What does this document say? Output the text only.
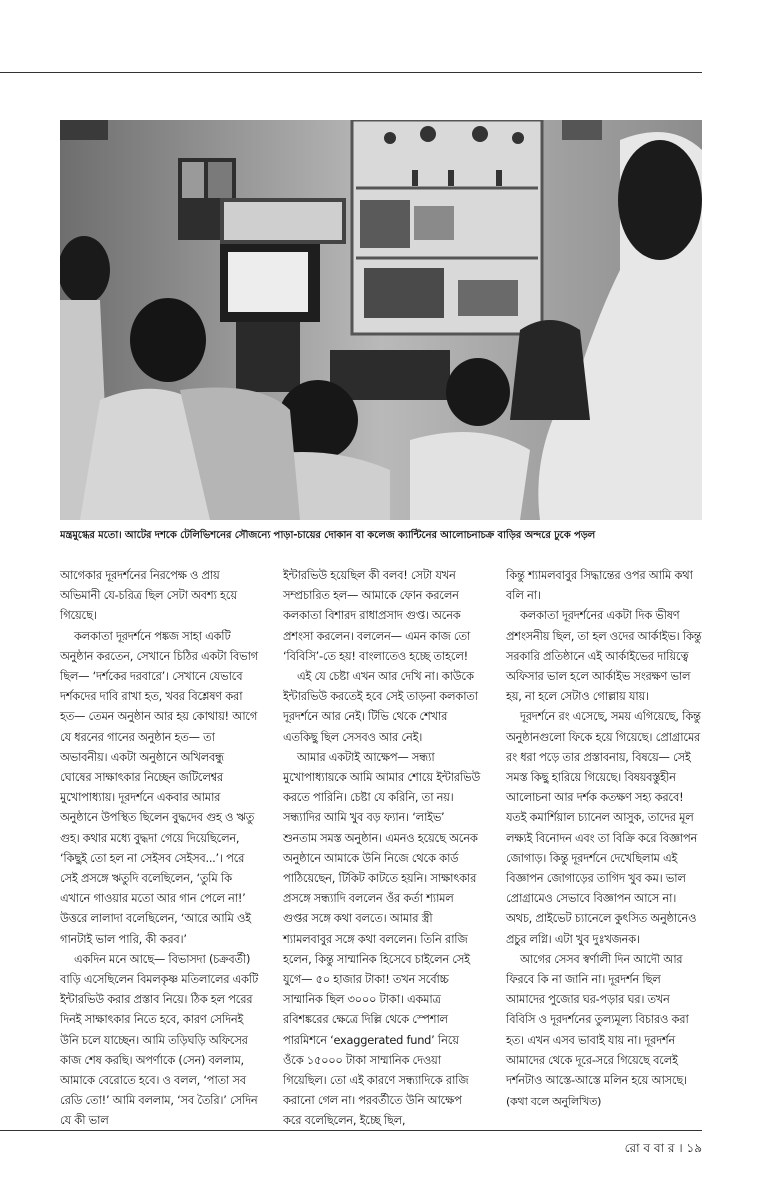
মন্ত্রমুগ্ধের মতো। আটের দশকে টেলিভিশনের সৌজন্যে পাড়া-চায়ের দোকান বা কলেজ ক্যান্টিনের আলোচনাচক্র বাড়ির অন্দরে ঢুকে পড়ল

আগেকার দূরদর্শনের নিরপেক্ষ ও প্রায় অভিমানী যে-চরিত্র ছিল সেটা অবশ্য হয়ে গিয়েছে।

কলকাতা দূরদর্শনে পঙ্কজ সাহা একটি অনুষ্ঠান করতেন, সেখানে চিঠির একটা বিভাগ ছিল— ‘দর্শকের দরবারে’। সেখানে যেভাবে দর্শকদের দাবি রাখা হত, খবর বিশ্লেষণ করা হত— তেমন অনুষ্ঠান আর হয় কোথায়! আগে যে ধরনের গানের অনুষ্ঠান হত— তা অভাবনীয়। একটা অনুষ্ঠানে অখিলবন্ধু ঘোষের সাক্ষাৎকার নিচ্ছেন জটিলেশ্বর মুখোপাধ্যায়। দূরদর্শনে একবার আমার অনুষ্ঠানে উপস্থিত ছিলেন বুদ্ধদেব গুহ ও ঋতু গুহ। কথার মধ্যে বুদ্ধদা গেয়ে দিয়েছিলেন, ‘কিছুই তো হল না সেইসব সেইসব...’। পরে সেই প্রসঙ্গে ঋতুদি বলেছিলেন, ‘তুমি কি এখানে গাওয়ার মতো আর গান পেলে না!’ উত্তরে লালাদা বলেছিলেন, ‘আরে আমি ওই গানটাই ভাল পারি, কী করব।’

একদিন মনে আছে— বিভাসদা (চক্রবর্তী) বাড়ি এসেছিলেন বিমলকৃষ্ণ মতিলালের একটি ইন্টারভিউ করার প্রস্তাব নিয়ে। ঠিক হল পরের দিনই সাক্ষাৎকার নিতে হবে, কারণ সেদিনই উনি চলে যাচ্ছেন। আমি তড়িঘড়ি অফিসের কাজ শেষ করছি। অপর্ণাকে (সেন) বললাম, আমাকে বেরোতে হবে। ও বলল, ‘পাতা সব রেডি তো!’ আমি বললাম, ‘সব তৈরি।’ সেদিন যে কী ভাল

ইন্টারভিউ হয়েছিল কী বলব! সেটা যখন সম্প্রচারিত হল— আমাকে ফোন করলেন কলকাতা বিশারদ রাধাপ্রসাদ গুপ্ত। অনেক প্রশংসা করলেন। বললেন— এমন কাজ তো ‘বিবিসি’-তে হয়! বাংলাতেও হচ্ছে তাহলে!

এই যে চেষ্টা এখন আর দেখি না। কাউকে ইন্টারভিউ করতেই হবে সেই তাড়না কলকাতা দূরদর্শনে আর নেই। টিভি থেকে শেখার এতকিছু ছিল সেসবও আর নেই।

আমার একটাই আক্ষেপ— সন্ধ্যা মুখোপাধ্যায়কে আমি আমার শোয়ে ইন্টারভিউ করতে পারিনি। চেষ্টা যে করিনি, তা নয়। সন্ধ্যাদির আমি খুব বড় ফ্যান। ‘লাইভ’ শুনতাম সমস্ত অনুষ্ঠান। এমনও হয়েছে অনেক অনুষ্ঠানে আমাকে উনি নিজে থেকে কার্ড পাঠিয়েছেন, টিকিট কাটতে হয়নি। সাক্ষাৎকার প্রসঙ্গে সন্ধ্যাদি বললেন ওঁর কর্তা শ্যামল গুপ্তর সঙ্গে কথা বলতে। আমার স্ত্রী শ্যামলবাবুর সঙ্গে কথা বললেন। তিনি রাজি হলেন, কিন্তু সাম্মানিক হিসেবে চাইলেন সেই যুগে— ৫০ হাজার টাকা! তখন সর্বোচ্চ সাম্মানিক ছিল ৩০০০ টাকা। একমাত্র রবিশঙ্করের ক্ষেত্রে দিল্লি থেকে স্পেশাল পারমিশনে ‘exaggerated fund’ নিয়ে ওঁকে ১৫০০০ টাকা সাম্মানিক দেওয়া গিয়েছিল। তো এই কারণে সন্ধ্যাদিকে রাজি করানো গেল না। পরবর্তীতে উনি আক্ষেপ করে বলেছিলেন, ইচ্ছে ছিল,

কিন্তু শ্যামলবাবুর সিদ্ধান্তের ওপর আমি কথা বলি না।

কলকাতা দূরদর্শনের একটা দিক ভীষণ প্রশংসনীয় ছিল, তা হল ওদের আর্কাইভ। কিন্তু সরকারি প্রতিষ্ঠানে এই আর্কাইভের দায়িত্বে অফিসার ভাল হলে আর্কাইভ সংরক্ষণ ভাল হয়, না হলে সেটাও গোল্লায় যায়।

দূরদর্শনে রং এসেছে, সময় এগিয়েছে, কিন্তু অনুষ্ঠানগুলো ফিকে হয়ে গিয়েছে। প্রোগ্রামের রং ধরা পড়ে তার প্রস্তাবনায়, বিষয়ে— সেই সমস্ত কিছু হারিয়ে গিয়েছে। বিষয়বস্তুহীন আলোচনা আর দর্শক কতক্ষণ সহ্য করবে! যতই কমার্শিয়াল চ্যানেল আসুক, তাদের মূল লক্ষ্যই বিনোদন এবং তা বিক্রি করে বিজ্ঞাপন জোগাড়। কিন্তু দূরদর্শনে দেখেছিলাম এই বিজ্ঞাপন জোগাড়ের তাগিদ খুব কম। ভাল প্রোগ্রামেও সেভাবে বিজ্ঞাপন আসে না। অথচ, প্রাইভেট চ্যানেলে কুৎসিত অনুষ্ঠানেও প্রচুর লগ্নি। এটা খুব দুঃখজনক।

আগের সেসব স্বর্ণালী দিন আদৌ আর ফিরবে কি না জানি না। দূরদর্শন ছিল আমাদের পুজোর ঘর-পড়ার ঘর। তখন বিবিসি ও দূরদর্শনের তুল্যমূল্য বিচারও করা হত। এখন এসব ভাবাই যায় না। দূরদর্শন আমাদের থেকে দূরে-সরে গিয়েছে বলেই দর্শনটাও আস্তে-আস্তে মলিন হয়ে আসছে।

(কথা বলে অনুলিখিত)

রো ব বা র । ১৯
